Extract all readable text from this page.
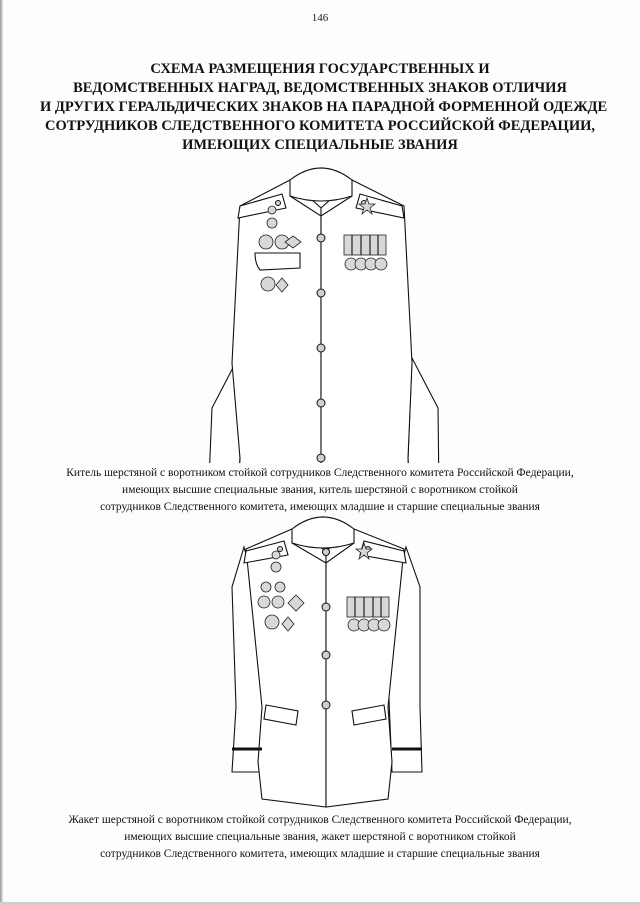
146
СХЕМА РАЗМЕЩЕНИЯ ГОСУДАРСТВЕННЫХ И
ВЕДОМСТВЕННЫХ НАГРАД, ВЕДОМСТВЕННЫХ ЗНАКОВ ОТЛИЧИЯ
И ДРУГИХ ГЕРАЛЬДИЧЕСКИХ ЗНАКОВ НА ПАРАДНОЙ ФОРМЕННОЙ ОДЕЖДЕ
СОТРУДНИКОВ СЛЕДСТВЕННОГО КОМИТЕТА РОССИЙСКОЙ ФЕДЕРАЦИИ,
ИМЕЮЩИХ СПЕЦИАЛЬНЫЕ ЗВАНИЯ
Китель шерстяной с воротником стойкой сотрудников Следственного комитета Российской Федерации,
имеющих высшие специальные звания, китель шерстяной с воротником стойкой
сотрудников Следственного комитета, имеющих младшие и старшие специальные звания
Жакет шерстяной с воротником стойкой сотрудников Следственного комитета Российской Федерации,
имеющих высшие специальные звания, жакет шерстяной с воротником стойкой
сотрудников Следственного комитета, имеющих младшие и старшие специальные звания
